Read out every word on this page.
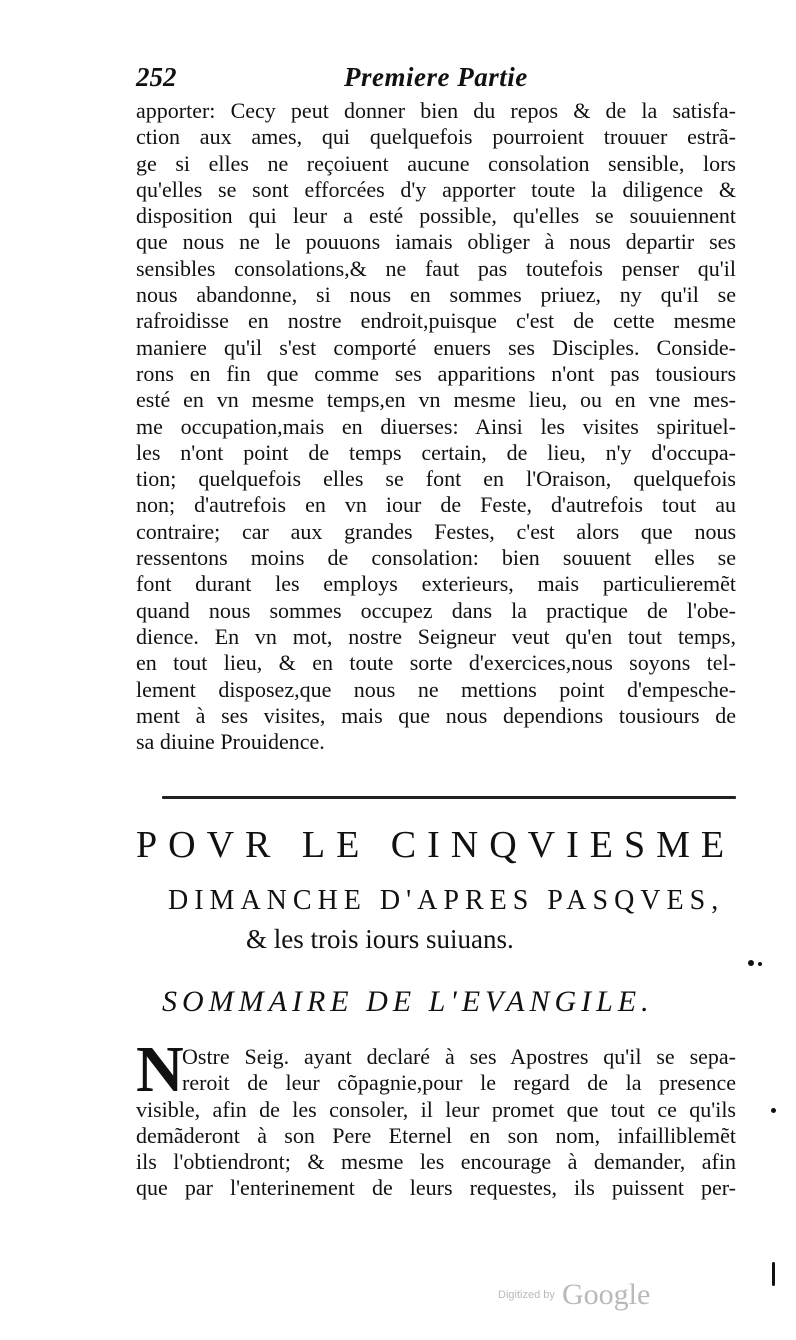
252	Premiere Partie
apporter: Cecy peut donner bien du repos & de la satisfa-
ction aux ames, qui quelquefois pourroient trouuer estrã-
ge si elles ne reçoiuent aucune consolation sensible, lors
qu'elles se sont efforcées d'y apporter toute la diligence &
disposition qui leur a esté possible, qu'elles se souuiennent
que nous ne le pouuons iamais obliger à nous departir ses
sensibles consolations,& ne faut pas toutefois penser qu'il
nous abandonne, si nous en sommes priuez, ny qu'il se
rafroidisse en nostre endroit,puisque c'est de cette mesme
maniere qu'il s'est comporté enuers ses Disciples. Conside-
rons en fin que comme ses apparitions n'ont pas tousiours
esté en vn mesme temps,en vn mesme lieu, ou en vne mes-
me occupation,mais en diuerses: Ainsi les visites spirituel-
les n'ont point de temps certain, de lieu, n'y d'occupa-
tion; quelquefois elles se font en l'Oraison, quelquefois
non; d'autrefois en vn iour de Feste, d'autrefois tout au
contraire; car aux grandes Festes, c'est alors que nous
ressentons moins de consolation: bien souuent elles se
font durant les employs exterieurs, mais particulieremẽt
quand nous sommes occupez dans la practique de l'obe-
dience. En vn mot, nostre Seigneur veut qu'en tout temps,
en tout lieu, & en toute sorte d'exercices,nous soyons tel-
lement disposez,que nous ne mettions point d'empesche-
ment à ses visites, mais que nous dependions tousiours de
sa diuine Prouidence.
POVR LE CINQVIESME
DIMANCHE D'APRES PASQVES,
& les trois iours suiuans.
SOMMAIRE DE L'EVANGILE.
N
Ostre Seig. ayant declaré à ses Apostres qu'il se sepa-
reroit de leur cõpagnie,pour le regard de la presence
visible, afin de les consoler, il leur promet que tout ce qu'ils
demãderont à son Pere Eternel en son nom, infailliblemẽt
ils l'obtiendront; & mesme les encourage à demander, afin
que par l'enterinement de leurs requestes, ils puissent per-
Digitized by Google
